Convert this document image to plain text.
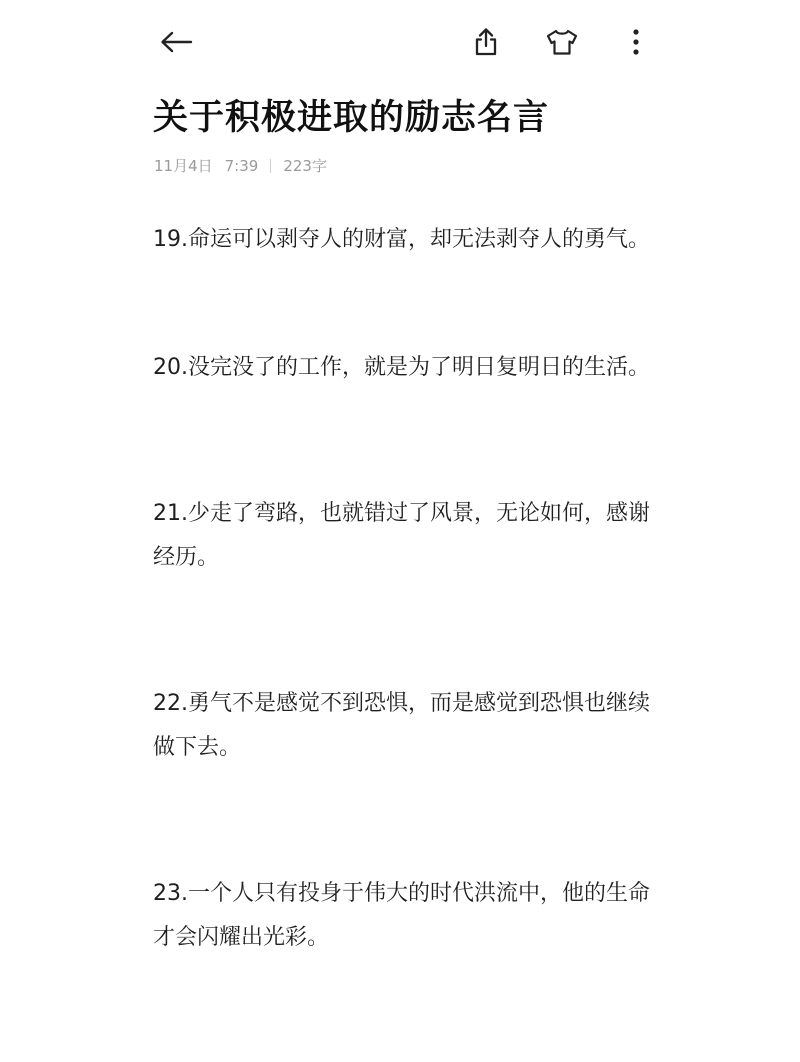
关于积极进取的励志名言
11月4日 7:39 223字

19.命运可以剥夺人的财富，却无法剥夺人的勇气。

20.没完没了的工作，就是为了明日复明日的生活。

21.少走了弯路，也就错过了风景，无论如何，感谢经历。

22.勇气不是感觉不到恐惧，而是感觉到恐惧也继续做下去。

23.一个人只有投身于伟大的时代洪流中，他的生命才会闪耀出光彩。
